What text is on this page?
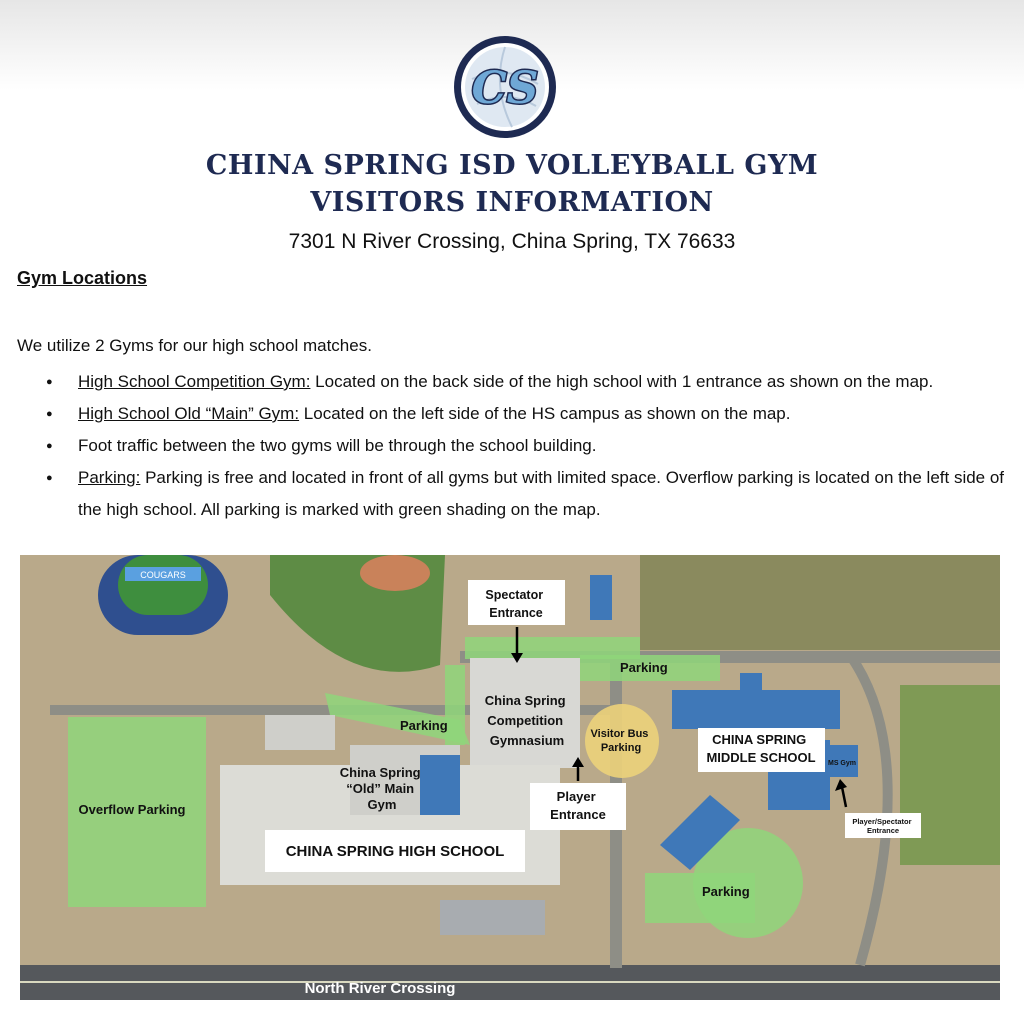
CS
CHINA SPRING ISD VOLLEYBALL GYM
VISITORS INFORMATION
7301 N River Crossing, China Spring, TX 76633
Gym Locations
We utilize 2 Gyms for our high school matches.
● High School Competition Gym: Located on the back side of the high school with 1 entrance as shown on the map.
● High School Old “Main” Gym: Located on the left side of the HS campus as shown on the map.
● Foot traffic between the two gyms will be through the school building.
● Parking: Parking is free and located in front of all gyms but with limited space. Overflow parking is located on the left side of the high school. All parking is marked with green shading on the map.
COUGARS
Spectator Entrance
Parking
Parking
Parking
China Spring Competition Gymnasium	Visitor Bus Parking
CHINA SPRING MIDDLE SCHOOL MS Gym
China Spring “Old” Main Gym
Overflow Parking
Player Entrance	Player/Spectator Entrance
CHINA SPRING HIGH SCHOOL
North River Crossing
